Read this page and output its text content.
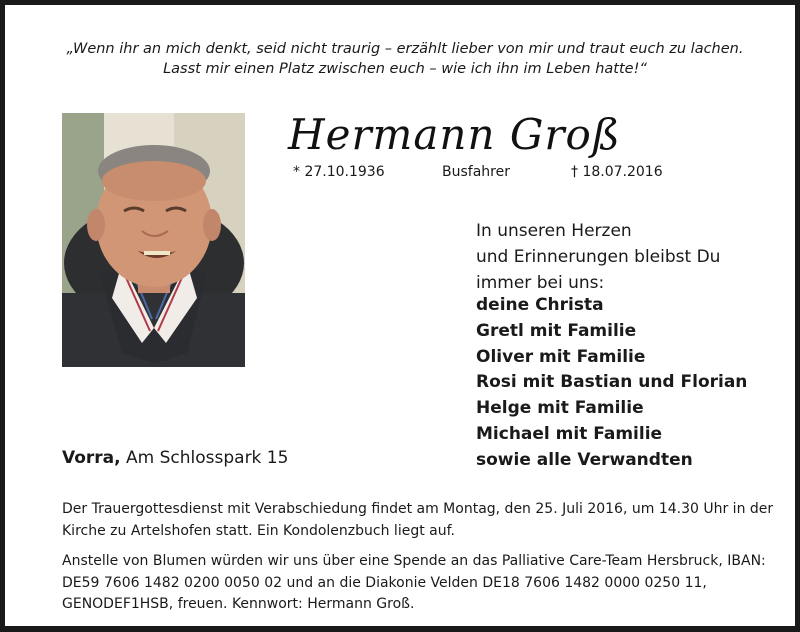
„Wenn ihr an mich denkt, seid nicht traurig – erzählt lieber von mir und traut euch zu lachen.
Lasst mir einen Platz zwischen euch – wie ich ihn im Leben hatte!“
Hermann Groß
* 27.10.1936	Busfahrer	† 18.07.2016
In unseren Herzen
und Erinnerungen bleibst Du
immer bei uns:
deine Christa
Gretl mit Familie
Oliver mit Familie
Rosi mit Bastian und Florian
Helge mit Familie
Michael mit Familie
sowie alle Verwandten
Vorra, Am Schlosspark 15
Der Trauergottesdienst mit Verabschiedung findet am Montag, den 25. Juli 2016, um 14.30 Uhr in der Kirche zu Artelshofen statt. Ein Kondolenzbuch liegt auf.
Anstelle von Blumen würden wir uns über eine Spende an das Palliative Care-Team Hersbruck, IBAN: DE59 7606 1482 0200 0050 02 und an die Diakonie Velden DE18 7606 1482 0000 0250 11, GENODEF1HSB, freuen. Kennwort: Hermann Groß.
